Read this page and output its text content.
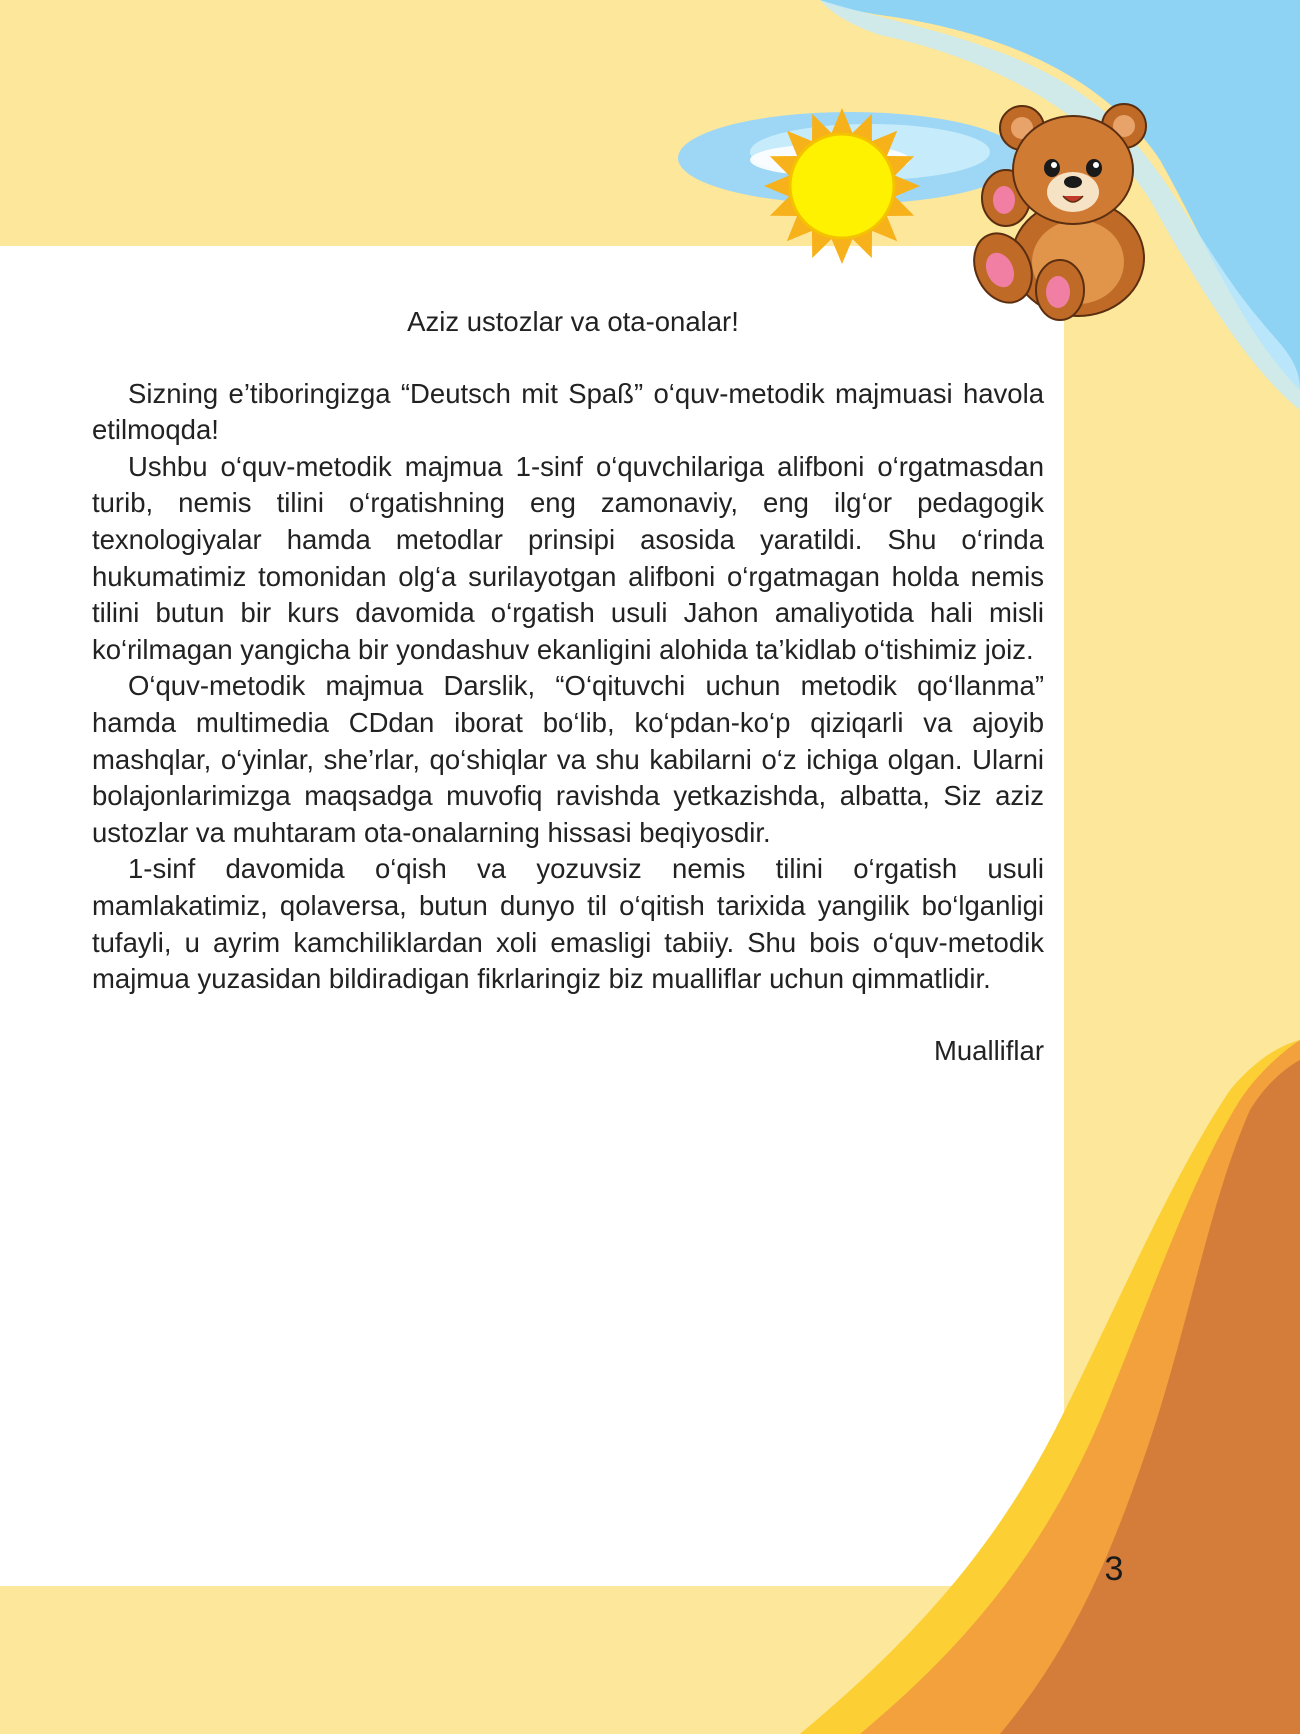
Aziz ustozlar va ota-onalar!

Sizning e’tiboringizga “Deutsch mit Spaß” o‘quv-metodik majmuasi havola etilmoqda!

Ushbu o‘quv-metodik majmua 1-sinf o‘quvchilariga alifboni o‘rgatmasdan turib, nemis tilini o‘rgatishning eng zamonaviy, eng ilg‘or pedagogik texnologiyalar hamda metodlar prinsipi asosida yaratildi. Shu o‘rinda hukumatimiz tomonidan olg‘a surilayotgan alifboni o‘rgatmagan holda nemis tilini butun bir kurs davomida o‘rgatish usuli Jahon amaliyotida hali misli ko‘rilmagan yangicha bir yondashuv ekanligini alohida ta’kidlab o‘tishimiz joiz.

O‘quv-metodik majmua Darslik, “O‘qituvchi uchun metodik qo‘llanma” hamda multimedia CDdan iborat bo‘lib, ko‘pdan-ko‘p qiziqarli va ajoyib mashqlar, o‘yinlar, she’rlar, qo‘shiqlar va shu kabilarni o‘z ichiga olgan. Ularni bolajonlarimizga maqsadga muvofiq ravishda yetkazishda, albatta, Siz aziz ustozlar va muhtaram ota-onalarning hissasi beqiyosdir.

1-sinf davomida o‘qish va yozuvsiz nemis tilini o‘rgatish usuli mamlakatimiz, qolaversa, butun dunyo til o‘qitish tarixida yangilik bo‘lganligi tufayli, u ayrim kamchiliklardan xoli emasligi tabiiy. Shu bois o‘quv-metodik majmua yuzasidan bildiradigan fikrlaringiz biz mualliflar uchun qimmatlidir.

Mualliflar
3
